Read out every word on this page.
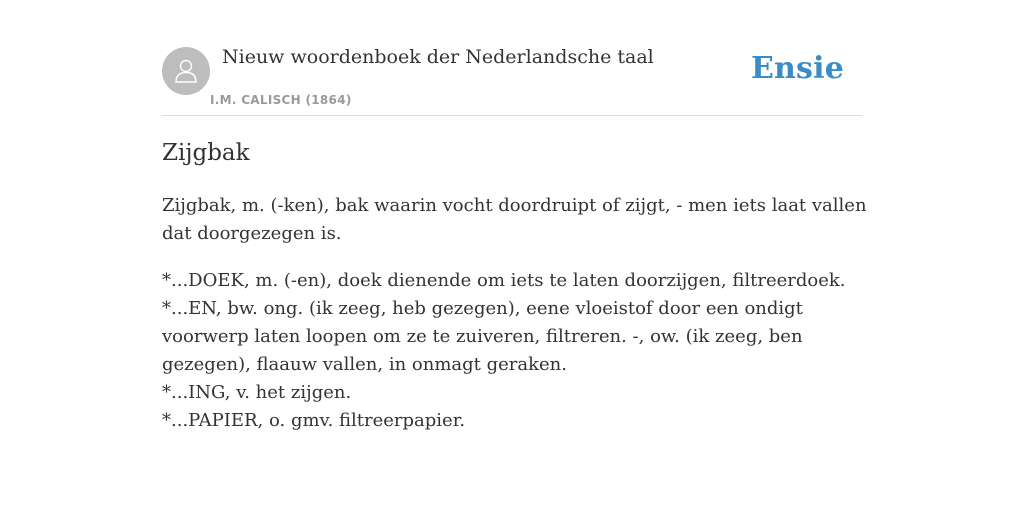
Nieuw woordenboek der Nederlandsche taal
I.M. CALISCH (1864)
Ensie
Zijgbak

Zijgbak, m. (-ken), bak waarin vocht doordruipt of zijgt, - men iets laat vallen dat doorgezegen is.

*...DOEK, m. (-en), doek dienende om iets te laten doorzijgen, filtreerdoek.
*...EN, bw. ong. (ik zeeg, heb gezegen), eene vloeistof door een ondigt voorwerp laten loopen om ze te zuiveren, filtreren. -, ow. (ik zeeg, ben gezegen), flaauw vallen, in onmagt geraken.
*...ING, v. het zijgen.
*...PAPIER, o. gmv. filtreerpapier.
